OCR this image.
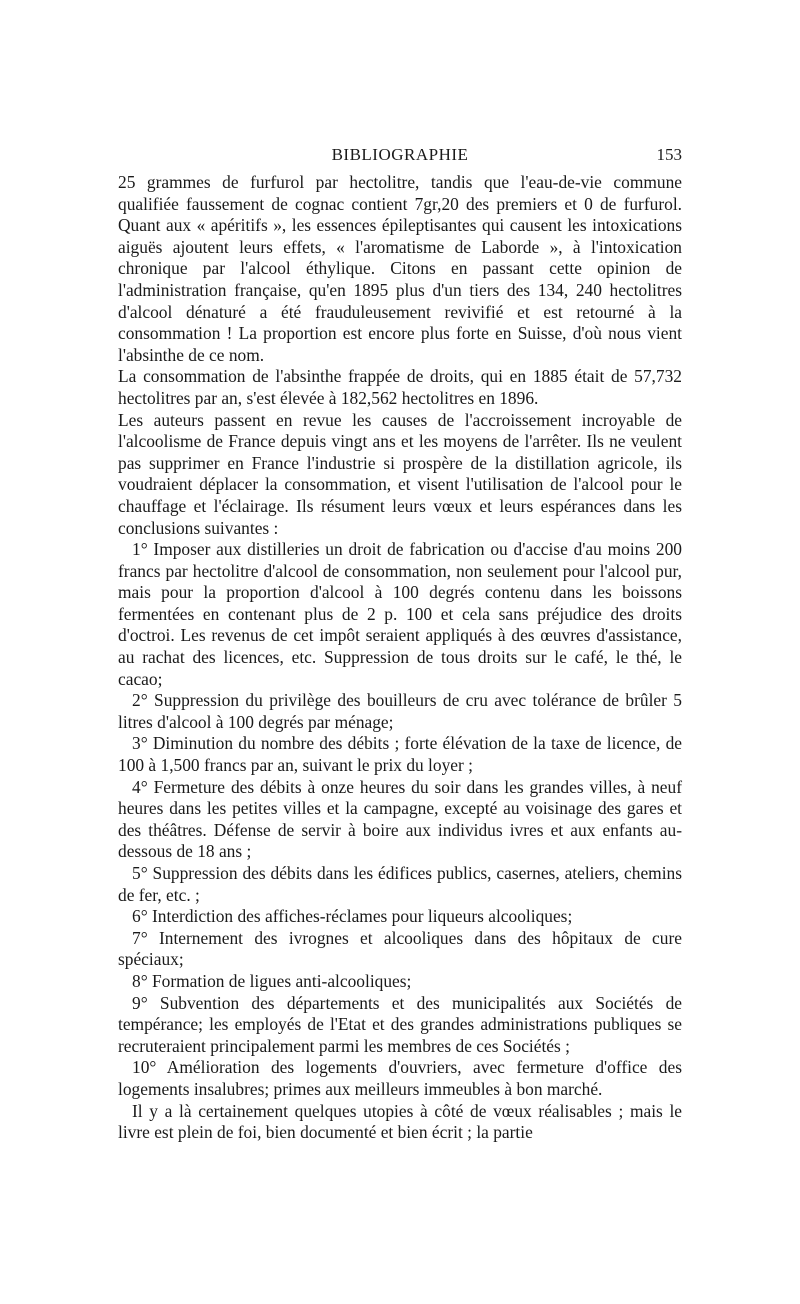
BIBLIOGRAPHIE	153

25 grammes de furfurol par hectolitre, tandis que l'eau-de-vie commune qualifiée faussement de cognac contient 7gr,20 des premiers et 0 de furfurol. Quant aux « apéritifs », les essences épileptisantes qui causent les intoxications aiguës ajoutent leurs effets, « l'aromatisme de Laborde », à l'intoxication chronique par l'alcool éthylique. Citons en passant cette opinion de l'administration française, qu'en 1895 plus d'un tiers des 134, 240 hectolitres d'alcool dénaturé a été frauduleusement revivifié et est retourné à la consommation ! La proportion est encore plus forte en Suisse, d'où nous vient l'absinthe de ce nom.

La consommation de l'absinthe frappée de droits, qui en 1885 était de 57,732 hectolitres par an, s'est élevée à 182,562 hectolitres en 1896.

Les auteurs passent en revue les causes de l'accroissement incroyable de l'alcoolisme de France depuis vingt ans et les moyens de l'arrêter. Ils ne veulent pas supprimer en France l'industrie si prospère de la distillation agricole, ils voudraient déplacer la consommation, et visent l'utilisation de l'alcool pour le chauffage et l'éclairage. Ils résument leurs vœux et leurs espérances dans les conclusions suivantes :

1° Imposer aux distilleries un droit de fabrication ou d'accise d'au moins 200 francs par hectolitre d'alcool de consommation, non seulement pour l'alcool pur, mais pour la proportion d'alcool à 100 degrés contenu dans les boissons fermentées en contenant plus de 2 p. 100 et cela sans préjudice des droits d'octroi. Les revenus de cet impôt seraient appliqués à des œuvres d'assistance, au rachat des licences, etc. Suppression de tous droits sur le café, le thé, le cacao;

2° Suppression du privilège des bouilleurs de cru avec tolérance de brûler 5 litres d'alcool à 100 degrés par ménage;

3° Diminution du nombre des débits ; forte élévation de la taxe de licence, de 100 à 1,500 francs par an, suivant le prix du loyer ;

4° Fermeture des débits à onze heures du soir dans les grandes villes, à neuf heures dans les petites villes et la campagne, excepté au voisinage des gares et des théâtres. Défense de servir à boire aux individus ivres et aux enfants au-dessous de 18 ans ;

5° Suppression des débits dans les édifices publics, casernes, ateliers, chemins de fer, etc. ;

6° Interdiction des affiches-réclames pour liqueurs alcooliques;

7° Internement des ivrognes et alcooliques dans des hôpitaux de cure spéciaux;

8° Formation de ligues anti-alcooliques;

9° Subvention des départements et des municipalités aux Sociétés de tempérance; les employés de l'Etat et des grandes administrations publiques se recruteraient principalement parmi les membres de ces Sociétés ;

10° Amélioration des logements d'ouvriers, avec fermeture d'office des logements insalubres; primes aux meilleurs immeubles à bon marché.

Il y a là certainement quelques utopies à côté de vœux réalisables ; mais le livre est plein de foi, bien documenté et bien écrit ; la partie
